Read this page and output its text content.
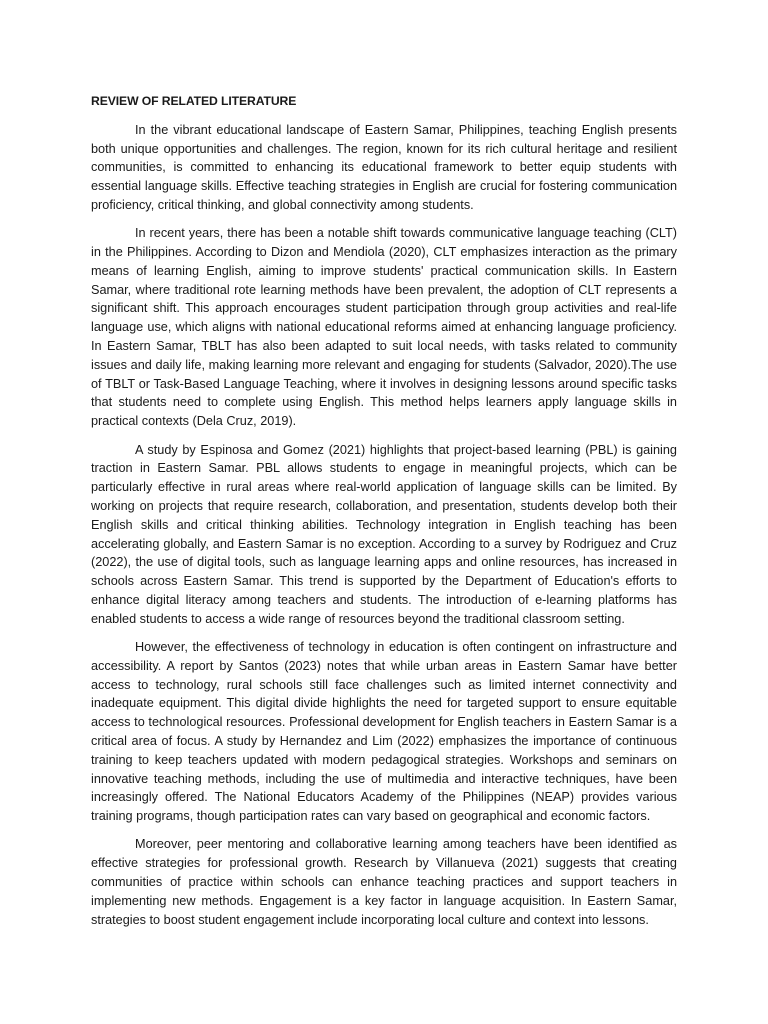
REVIEW OF RELATED LITERATURE

In the vibrant educational landscape of Eastern Samar, Philippines, teaching English presents both unique opportunities and challenges. The region, known for its rich cultural heritage and resilient communities, is committed to enhancing its educational framework to better equip students with essential language skills. Effective teaching strategies in English are crucial for fostering communication proficiency, critical thinking, and global connectivity among students.

In recent years, there has been a notable shift towards communicative language teaching (CLT) in the Philippines. According to Dizon and Mendiola (2020), CLT emphasizes interaction as the primary means of learning English, aiming to improve students' practical communication skills. In Eastern Samar, where traditional rote learning methods have been prevalent, the adoption of CLT represents a significant shift. This approach encourages student participation through group activities and real-life language use, which aligns with national educational reforms aimed at enhancing language proficiency. In Eastern Samar, TBLT has also been adapted to suit local needs, with tasks related to community issues and daily life, making learning more relevant and engaging for students (Salvador, 2020).The use of TBLT or Task-Based Language Teaching, where it involves in designing lessons around specific tasks that students need to complete using English. This method helps learners apply language skills in practical contexts (Dela Cruz, 2019).

A study by Espinosa and Gomez (2021) highlights that project-based learning (PBL) is gaining traction in Eastern Samar. PBL allows students to engage in meaningful projects, which can be particularly effective in rural areas where real-world application of language skills can be limited. By working on projects that require research, collaboration, and presentation, students develop both their English skills and critical thinking abilities. Technology integration in English teaching has been accelerating globally, and Eastern Samar is no exception. According to a survey by Rodriguez and Cruz (2022), the use of digital tools, such as language learning apps and online resources, has increased in schools across Eastern Samar. This trend is supported by the Department of Education's efforts to enhance digital literacy among teachers and students. The introduction of e-learning platforms has enabled students to access a wide range of resources beyond the traditional classroom setting.

However, the effectiveness of technology in education is often contingent on infrastructure and accessibility. A report by Santos (2023) notes that while urban areas in Eastern Samar have better access to technology, rural schools still face challenges such as limited internet connectivity and inadequate equipment. This digital divide highlights the need for targeted support to ensure equitable access to technological resources. Professional development for English teachers in Eastern Samar is a critical area of focus. A study by Hernandez and Lim (2022) emphasizes the importance of continuous training to keep teachers updated with modern pedagogical strategies. Workshops and seminars on innovative teaching methods, including the use of multimedia and interactive techniques, have been increasingly offered. The National Educators Academy of the Philippines (NEAP) provides various training programs, though participation rates can vary based on geographical and economic factors.

Moreover, peer mentoring and collaborative learning among teachers have been identified as effective strategies for professional growth. Research by Villanueva (2021) suggests that creating communities of practice within schools can enhance teaching practices and support teachers in implementing new methods. Engagement is a key factor in language acquisition. In Eastern Samar, strategies to boost student engagement include incorporating local culture and context into lessons.
